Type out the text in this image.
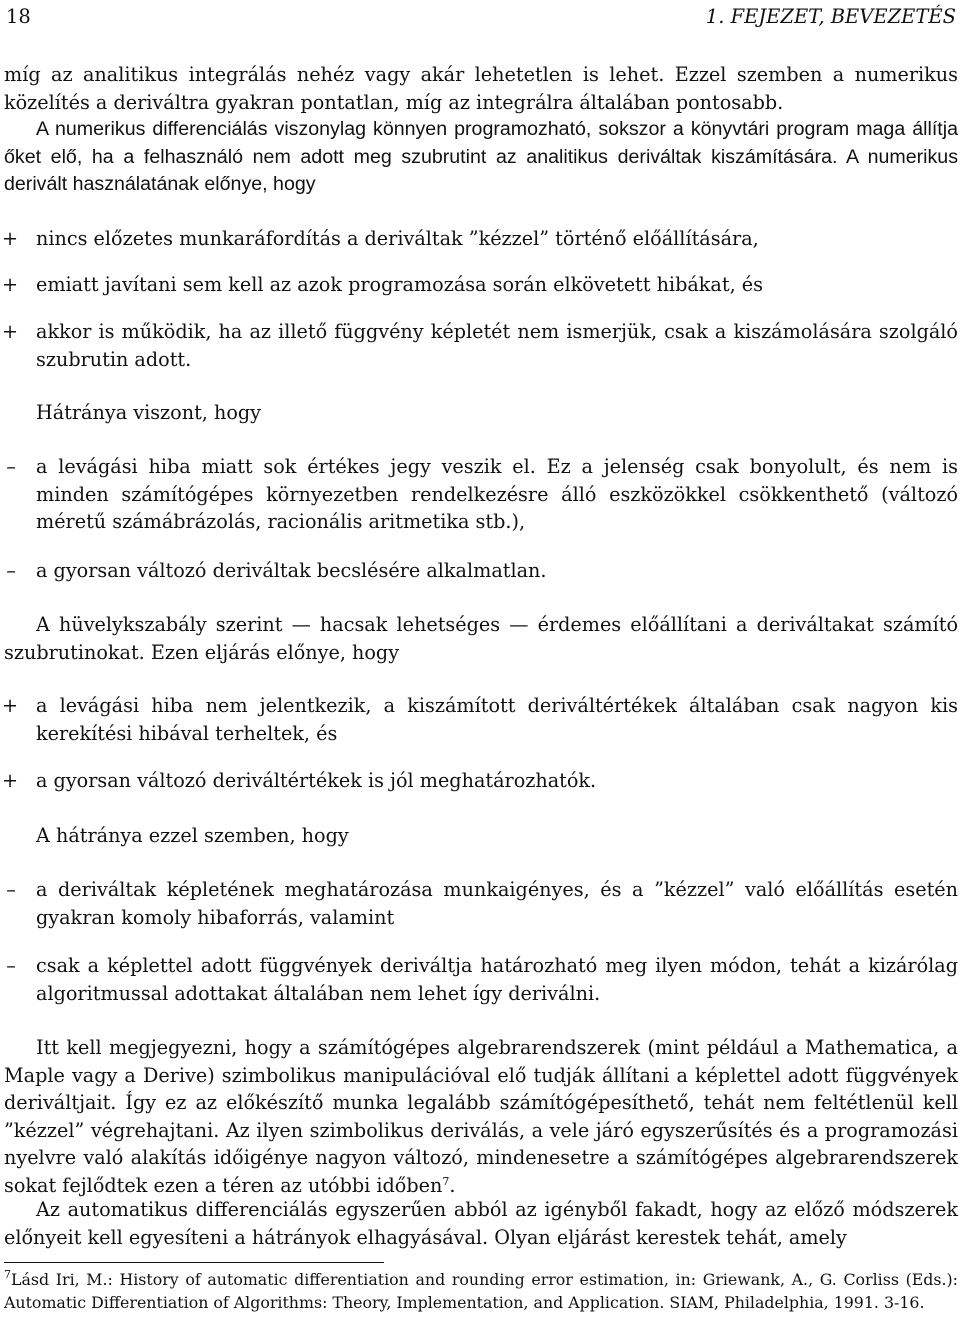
18	1. FEJEZET, BEVEZETÉS

míg az analitikus integrálás nehéz vagy akár lehetetlen is lehet. Ezzel szemben a numerikus közelítés a deriváltra gyakran pontatlan, míg az integrálra általában pontosabb.

A numerikus differenciálás viszonylag könnyen programozható, sokszor a könyvtári program maga állítja őket elő, ha a felhasználó nem adott meg szubrutint az analitikus deriváltak kiszámítására. A numerikus derivált használatának előnye, hogy

+ nincs előzetes munkaráfordítás a deriváltak ”kézzel” történő előállítására,
+ emiatt javítani sem kell az azok programozása során elkövetett hibákat, és
+ akkor is működik, ha az illető függvény képletét nem ismerjük, csak a kiszámolására szolgáló szubrutin adott.

Hátránya viszont, hogy

–	a levágási hiba miatt sok értékes jegy veszik el. Ez a jelenség csak bonyolult, és nem is minden számítógépes környezetben rendelkezésre álló eszközökkel csökkenthető (változó méretű számábrázolás, racionális aritmetika stb.),
–	a gyorsan változó deriváltak becslésére alkalmatlan.

A hüvelykszabály szerint — hacsak lehetséges — érdemes előállítani a deriváltakat számító szubrutinokat. Ezen eljárás előnye, hogy

+ a levágási hiba nem jelentkezik, a kiszámított deriváltértékek általában csak nagyon kis kerekítési hibával terheltek, és
+ a gyorsan változó deriváltértékek is jól meghatározhatók.

A hátránya ezzel szemben, hogy

–	a deriváltak képletének meghatározása munkaigényes, és a ”kézzel” való előállítás esetén gyakran komoly hibaforrás, valamint
–	csak a képlettel adott függvények deriváltja határozható meg ilyen módon, tehát a kizárólag algoritmussal adottakat általában nem lehet így deriválni.

Itt kell megjegyezni, hogy a számítógépes algebrarendszerek (mint például a Mathematica, a Maple vagy a Derive) szimbolikus manipulációval elő tudják állítani a képlettel adott függvények deriváltjait. Így ez az előkészítő munka legalább számítógépesíthető, tehát nem feltétlenül kell ”kézzel” végrehajtani. Az ilyen szimbolikus deriválás, a vele járó egyszerűsítés és a programozási nyelvre való alakítás időigénye nagyon változó, mindenesetre a számítógépes algebrarendszerek sokat fejlődtek ezen a téren az utóbbi időben$^7$.

Az automatikus differenciálás egyszerűen abból az igényből fakadt, hogy az előző módszerek előnyeit kell egyesíteni a hátrányok elhagyásával. Olyan eljárást kerestek tehát, amely

$^7$Lásd Iri, M.: History of automatic differentiation and rounding error estimation, in: Griewank, A., G. Corliss (Eds.): Automatic Differentiation of Algorithms: Theory, Implementation, and Application. SIAM, Philadelphia, 1991. 3-16.
